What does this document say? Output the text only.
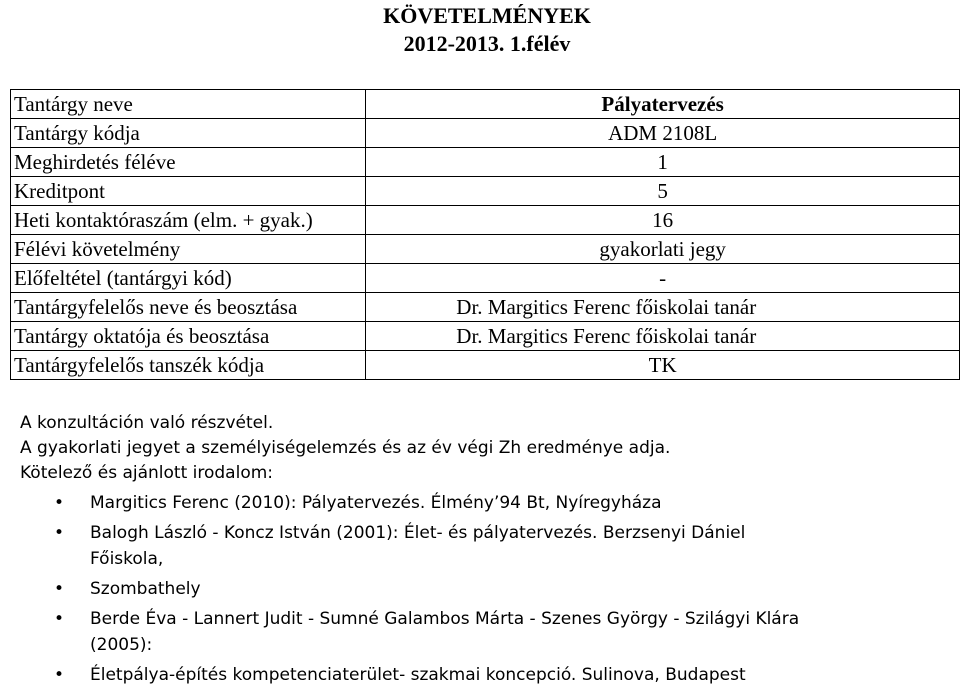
KÖVETELMÉNYEK
2012-2013. 1.félév
Tantárgy neve	Pályatervezés
Tantárgy kódja	ADM 2108L
Meghirdetés féléve	1
Kreditpont	5
Heti kontaktóraszám (elm. + gyak.)	16
Félévi követelmény	gyakorlati jegy
Előfeltétel (tantárgyi kód)	-
Tantárgyfelelős neve és beosztása	Dr. Margitics Ferenc főiskolai tanár
Tantárgy oktatója és beosztása	Dr. Margitics Ferenc főiskolai tanár
Tantárgyfelelős tanszék kódja	TK

A konzultáción való részvétel.

A gyakorlati jegyet a személyiségelemzés és az év végi Zh eredménye adja.

Kötelező és ajánlott irodalom:

• Margitics Ferenc (2010): Pályatervezés. Élmény’94 Bt, Nyíregyháza
• Balogh László - Koncz István (2001): Élet- és pályatervezés. Berzsenyi Dániel
Főiskola,
• Szombathely
• Berde Éva - Lannert Judit - Sumné Galambos Márta - Szenes György - Szilágyi Klára
(2005):
• Életpálya-építés kompetenciaterület- szakmai koncepció. Sulinova, Budapest
